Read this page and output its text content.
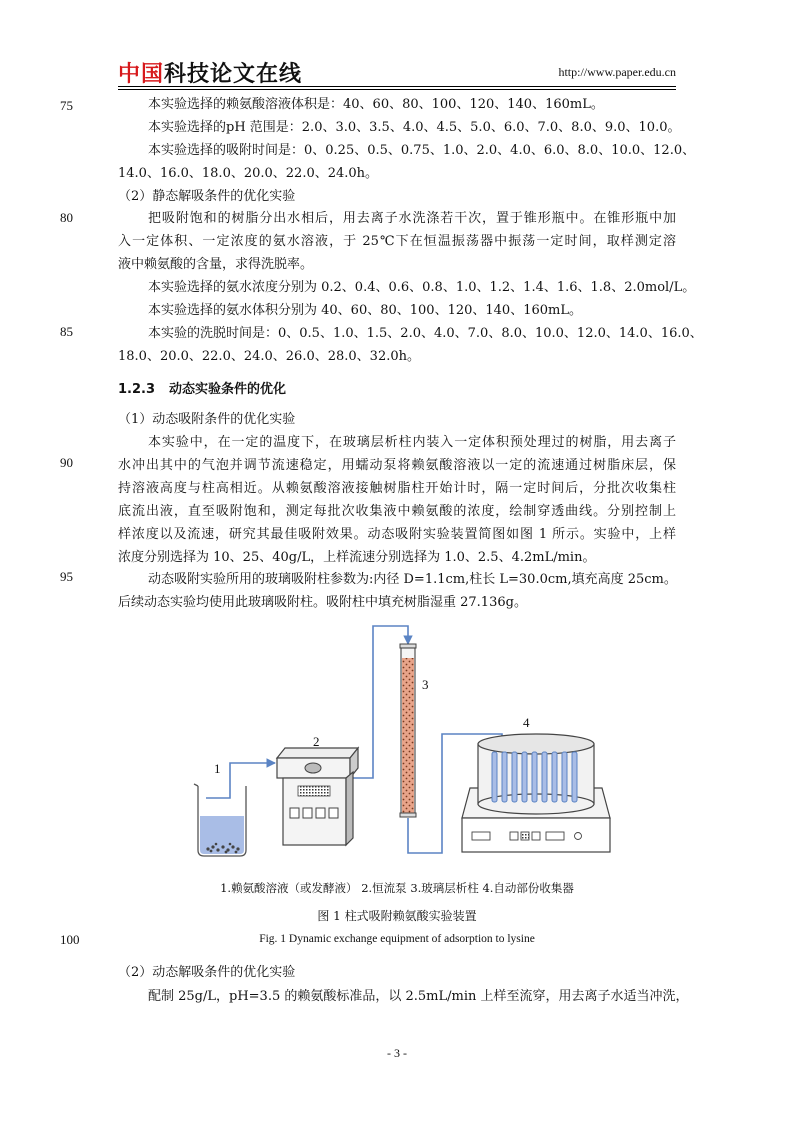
中国科技论文在线	http://www.paper.edu.cn
75
80
85
90
95
100
本实验选择的赖氨酸溶液体积是：40、60、80、100、120、140、160mL。
本实验选择的pH 范围是：2.0、3.0、3.5、4.0、4.5、5.0、6.0、7.0、8.0、9.0、10.0。
本实验选择的吸附时间是：0、0.25、0.5、0.75、1.0、2.0、4.0、6.0、8.0、10.0、12.0、
14.0、16.0、18.0、20.0、22.0、24.0h。
（2）静态解吸条件的优化实验
把吸附饱和的树脂分出水相后，用去离子水洗涤若干次，置于锥形瓶中。在锥形瓶中加
入一定体积、一定浓度的氨水溶液，于 25℃下在恒温振荡器中振荡一定时间，取样测定溶
液中赖氨酸的含量，求得洗脱率。
本实验选择的氨水浓度分别为 0.2、0.4、0.6、0.8、1.0、1.2、1.4、1.6、1.8、2.0mol/L。
本实验选择的氨水体积分别为 40、60、80、100、120、140、160mL。
本实验的洗脱时间是：0、0.5、1.0、1.5、2.0、4.0、7.0、8.0、10.0、12.0、14.0、16.0、
18.0、20.0、22.0、24.0、26.0、28.0、32.0h。
1.2.3 动态实验条件的优化
（1）动态吸附条件的优化实验
本实验中，在一定的温度下，在玻璃层析柱内装入一定体积预处理过的树脂，用去离子
水冲出其中的气泡并调节流速稳定，用蠕动泵将赖氨酸溶液以一定的流速通过树脂床层，保
持溶液高度与柱高相近。从赖氨酸溶液接触树脂柱开始计时，隔一定时间后，分批次收集柱
底流出液，直至吸附饱和，测定每批次收集液中赖氨酸的浓度，绘制穿透曲线。分别控制上
样浓度以及流速，研究其最佳吸附效果。动态吸附实验装置简图如图 1 所示。实验中，上样
浓度分别选择为 10、25、40g/L，上样流速分别选择为 1.0、2.5、4.2mL/min。
动态吸附实验所用的玻璃吸附柱参数为:内径 D=1.1cm,柱长 L=30.0cm,填充高度 25cm。
后续动态实验均使用此玻璃吸附柱。吸附柱中填充树脂湿重 27.136g。
1
2
3
4
1.赖氨酸溶液（或发酵液） 2.恒流泵 3.玻璃层析柱 4.自动部份收集器
图 1 柱式吸附赖氨酸实验装置
Fig. 1 Dynamic exchange equipment of adsorption to lysine
（2）动态解吸条件的优化实验
配制 25g/L，pH=3.5 的赖氨酸标准品，以 2.5mL/min 上样至流穿，用去离子水适当冲洗，
- 3 -
